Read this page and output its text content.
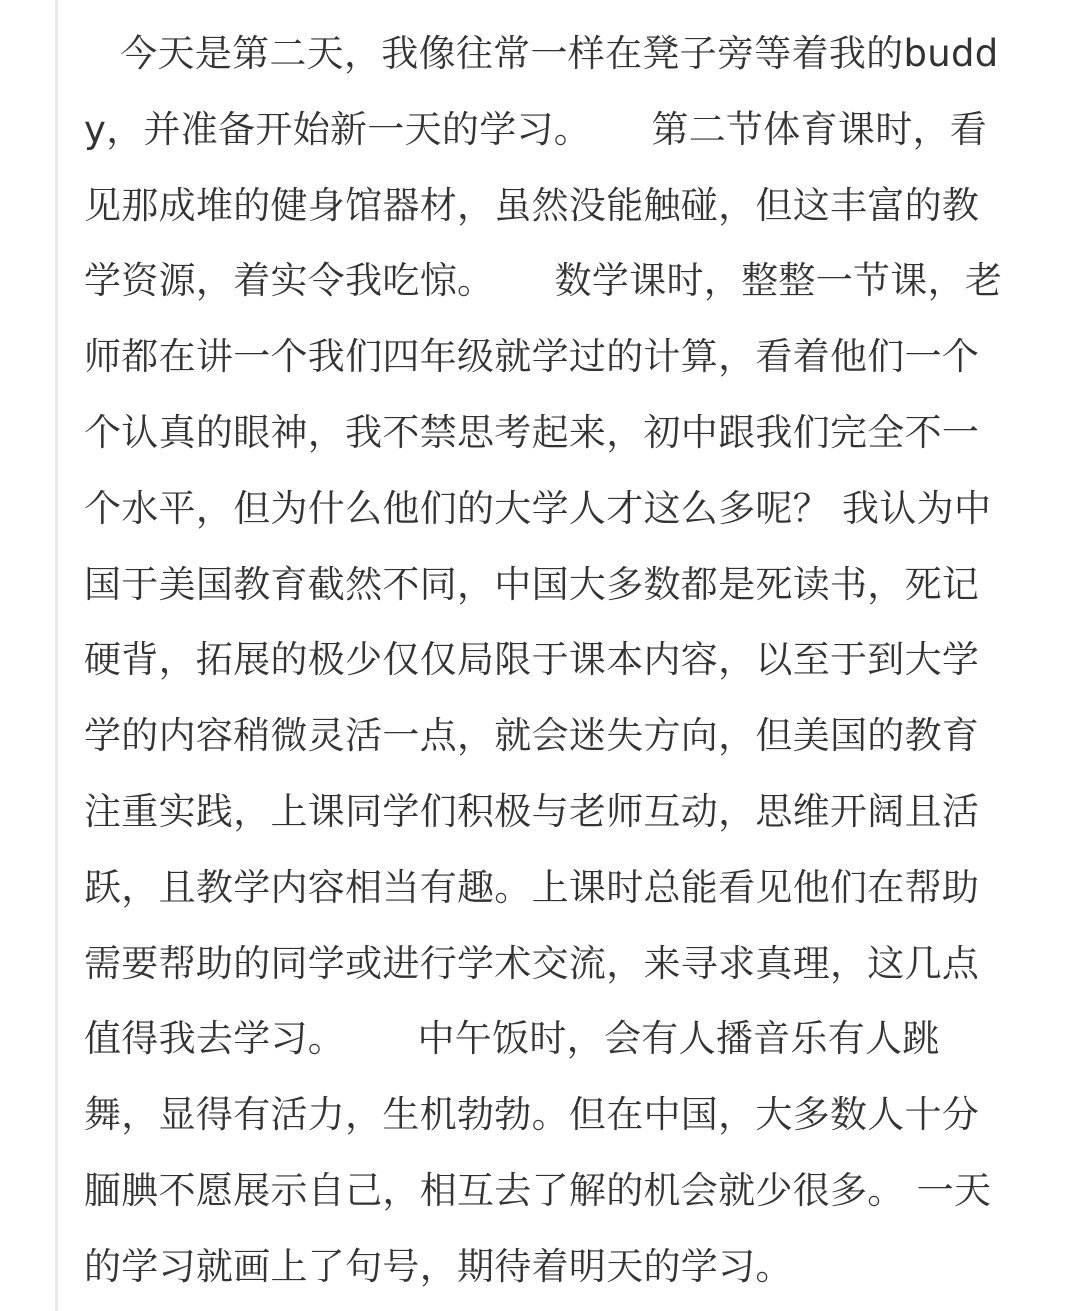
今天是第二天，我像往常一样在凳子旁等着我的budd
y，并准备开始新一天的学习。     第二节体育课时，看
见那成堆的健身馆器材，虽然没能触碰，但这丰富的教
学资源，着实令我吃惊。     数学课时，整整一节课，老
师都在讲一个我们四年级就学过的计算，看着他们一个
个认真的眼神，我不禁思考起来，初中跟我们完全不一
个水平，但为什么他们的大学人才这么多呢？ 我认为中
国于美国教育截然不同，中国大多数都是死读书，死记
硬背，拓展的极少仅仅局限于课本内容，以至于到大学
学的内容稍微灵活一点，就会迷失方向，但美国的教育
注重实践，上课同学们积极与老师互动，思维开阔且活
跃，且教学内容相当有趣。上课时总能看见他们在帮助
需要帮助的同学或进行学术交流，来寻求真理，这几点
值得我去学习。      中午饭时，会有人播音乐有人跳
舞，显得有活力，生机勃勃。但在中国，大多数人十分
腼腆不愿展示自己，相互去了解的机会就少很多。 一天
的学习就画上了句号，期待着明天的学习。
